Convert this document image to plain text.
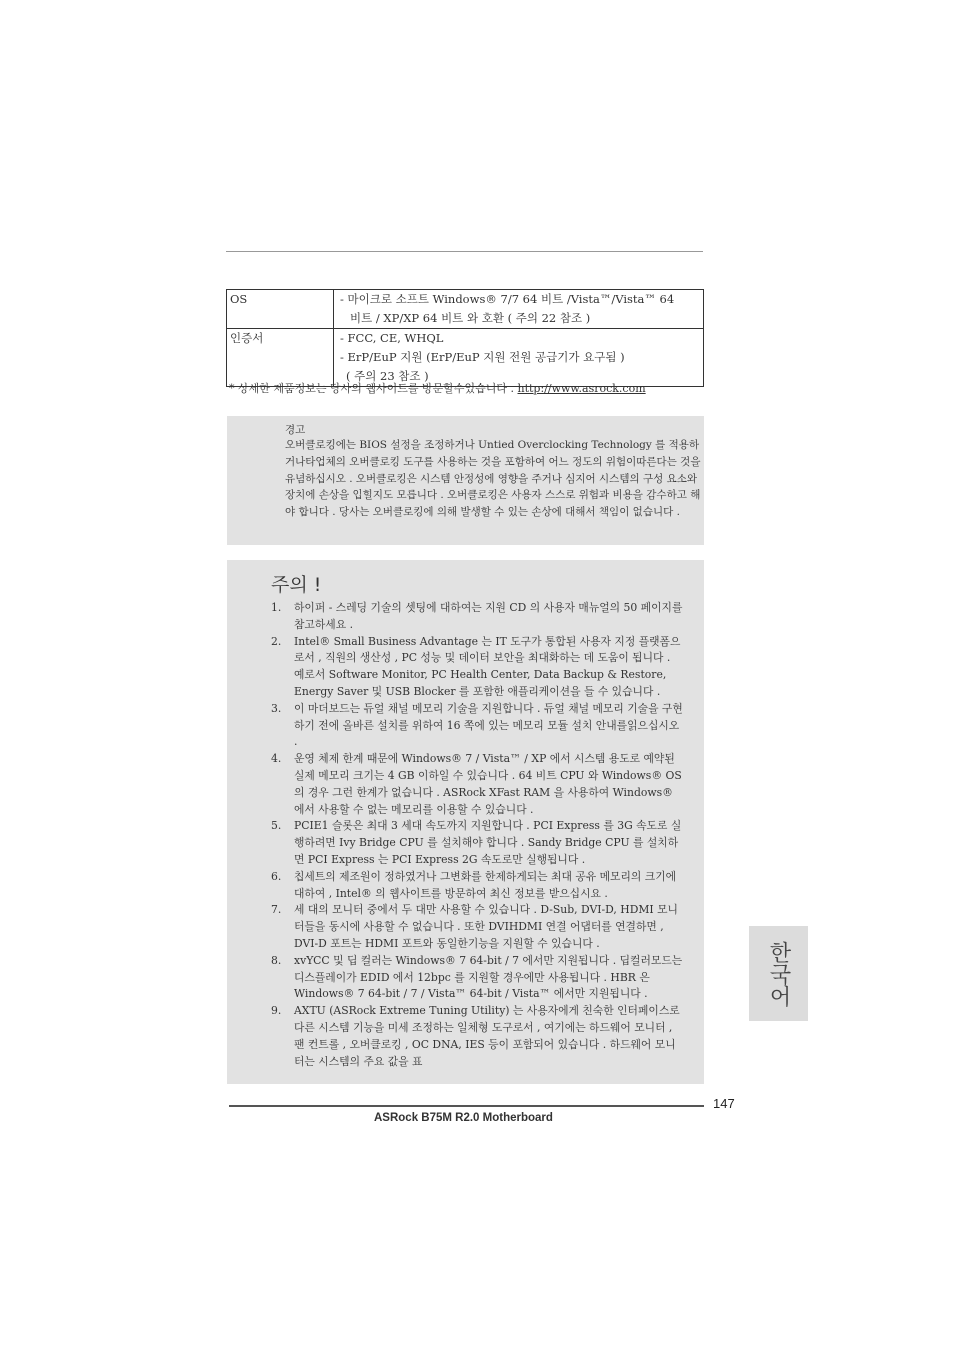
OS	- 마이크로 소프트 Windows® 7/7 64 비트 /Vista™/Vista™ 64
비트 / XP/XP 64 비트 와 호환 ( 주의 22 참조 )

인증서	- FCC, CE, WHQL
- ErP/EuP 지원 (ErP/EuP 지원 전원 공급기가 요구됨 )
( 주의 23 참조 )
* 상세한 제품정보는 당사의 웹사이트를 방문할수있습니다 . http://www.asrock.com
경고
오버클로킹에는 BIOS 설정을 조정하거나 Untied Overclocking Technology 를 적용하거나타업체의 오버클로킹 도구를 사용하는 것을 포함하여 어느 정도의 위험이따른다는 것을 유념하십시오 . 오버클로킹은 시스템 안정성에 영향을 주거나 심지어 시스템의 구성 요소와 장치에 손상을 입힐지도 모릅니다 . 오버클로킹은 사용자 스스로 위험과 비용을 감수하고 해야 합니다 . 당사는 오버클로킹에 의해 발생할 수 있는 손상에 대해서 책임이 없습니다 .
주의 !
1. 하이퍼 - 스레딩 기술의 셋팅에 대하여는 지원 CD 의 사용자 매뉴얼의 50 페이지를참고하세요 .
2. Intel® Small Business Advantage 는 IT 도구가 통합된 사용자 지정 플랫폼으로서 , 직원의 생산성 , PC 성능 및 데이터 보안을 최대화하는 데 도움이 됩니다 . 예로서 Software Monitor, PC Health Center, Data Backup & Restore, Energy Saver 및 USB Blocker 를 포함한 애플리케이션을 들 수 있습니다 .
3. 이 마더보드는 듀얼 채널 메모리 기술을 지원합니다 . 듀얼 채널 메모리 기술을 구현하기 전에 올바른 설치를 위하여 16 쪽에 있는 메모리 모듈 설치 안내를읽으십시오 .
4. 운영 체제 한계 때문에 Windows® 7 / Vista™ / XP 에서 시스템 용도로 예약된 실제 메모리 크기는 4 GB 이하일 수 있습니다 . 64 비트 CPU 와 Windows® OS 의 경우 그런 한계가 없습니다 . ASRock XFast RAM 을 사용하여 Windows® 에서 사용할 수 없는 메모리를 이용할 수 있습니다 .
5. PCIE1 슬롯은 최대 3 세대 속도까지 지원합니다 . PCI Express 를 3G 속도로 실행하려면 Ivy Bridge CPU 를 설치해야 합니다 . Sandy Bridge CPU 를 설치하면 PCI Express 는 PCI Express 2G 속도로만 실행됩니다 .
6. 칩세트의 제조원이 정하였거나 그변화를 한제하게되는 최대 공유 메모리의 크기에 대하여 , Intel® 의 웹사이트를 방문하여 최신 정보를 받으십시요 .
7. 세 대의 모니터 중에서 두 대만 사용할 수 있습니다 . D-Sub, DVI-D, HDMI 모니터들을 동시에 사용할 수 없습니다 . 또한 DVIHDMI 연결 어댑터를 연결하면 , DVI-D 포트는 HDMI 포트와 동일한기능을 지원할 수 있습니다 .
8. xvYCC 및 딥 컬러는 Windows® 7 64-bit / 7 에서만 지원됩니다 . 딥컬러모드는 디스플레이가 EDID 에서 12bpc 를 지원할 경우에만 사용됩니다 . HBR 은 Windows® 7 64-bit / 7 / Vista™ 64-bit / Vista™ 에서만 지원됩니다 .
9. AXTU (ASRock Extreme Tuning Utility) 는 사용자에게 친숙한 인터페이스로 다른 시스템 기능을 미세 조정하는 일체형 도구로서 , 여기에는 하드웨어 모니터 , 팬 컨트롤 , 오버클로킹 , OC DNA, IES 등이 포함되어 있습니다 . 하드웨어 모니터는 시스템의 주요 값을 표
한국어
147
ASRock B75M R2.0 Motherboard
